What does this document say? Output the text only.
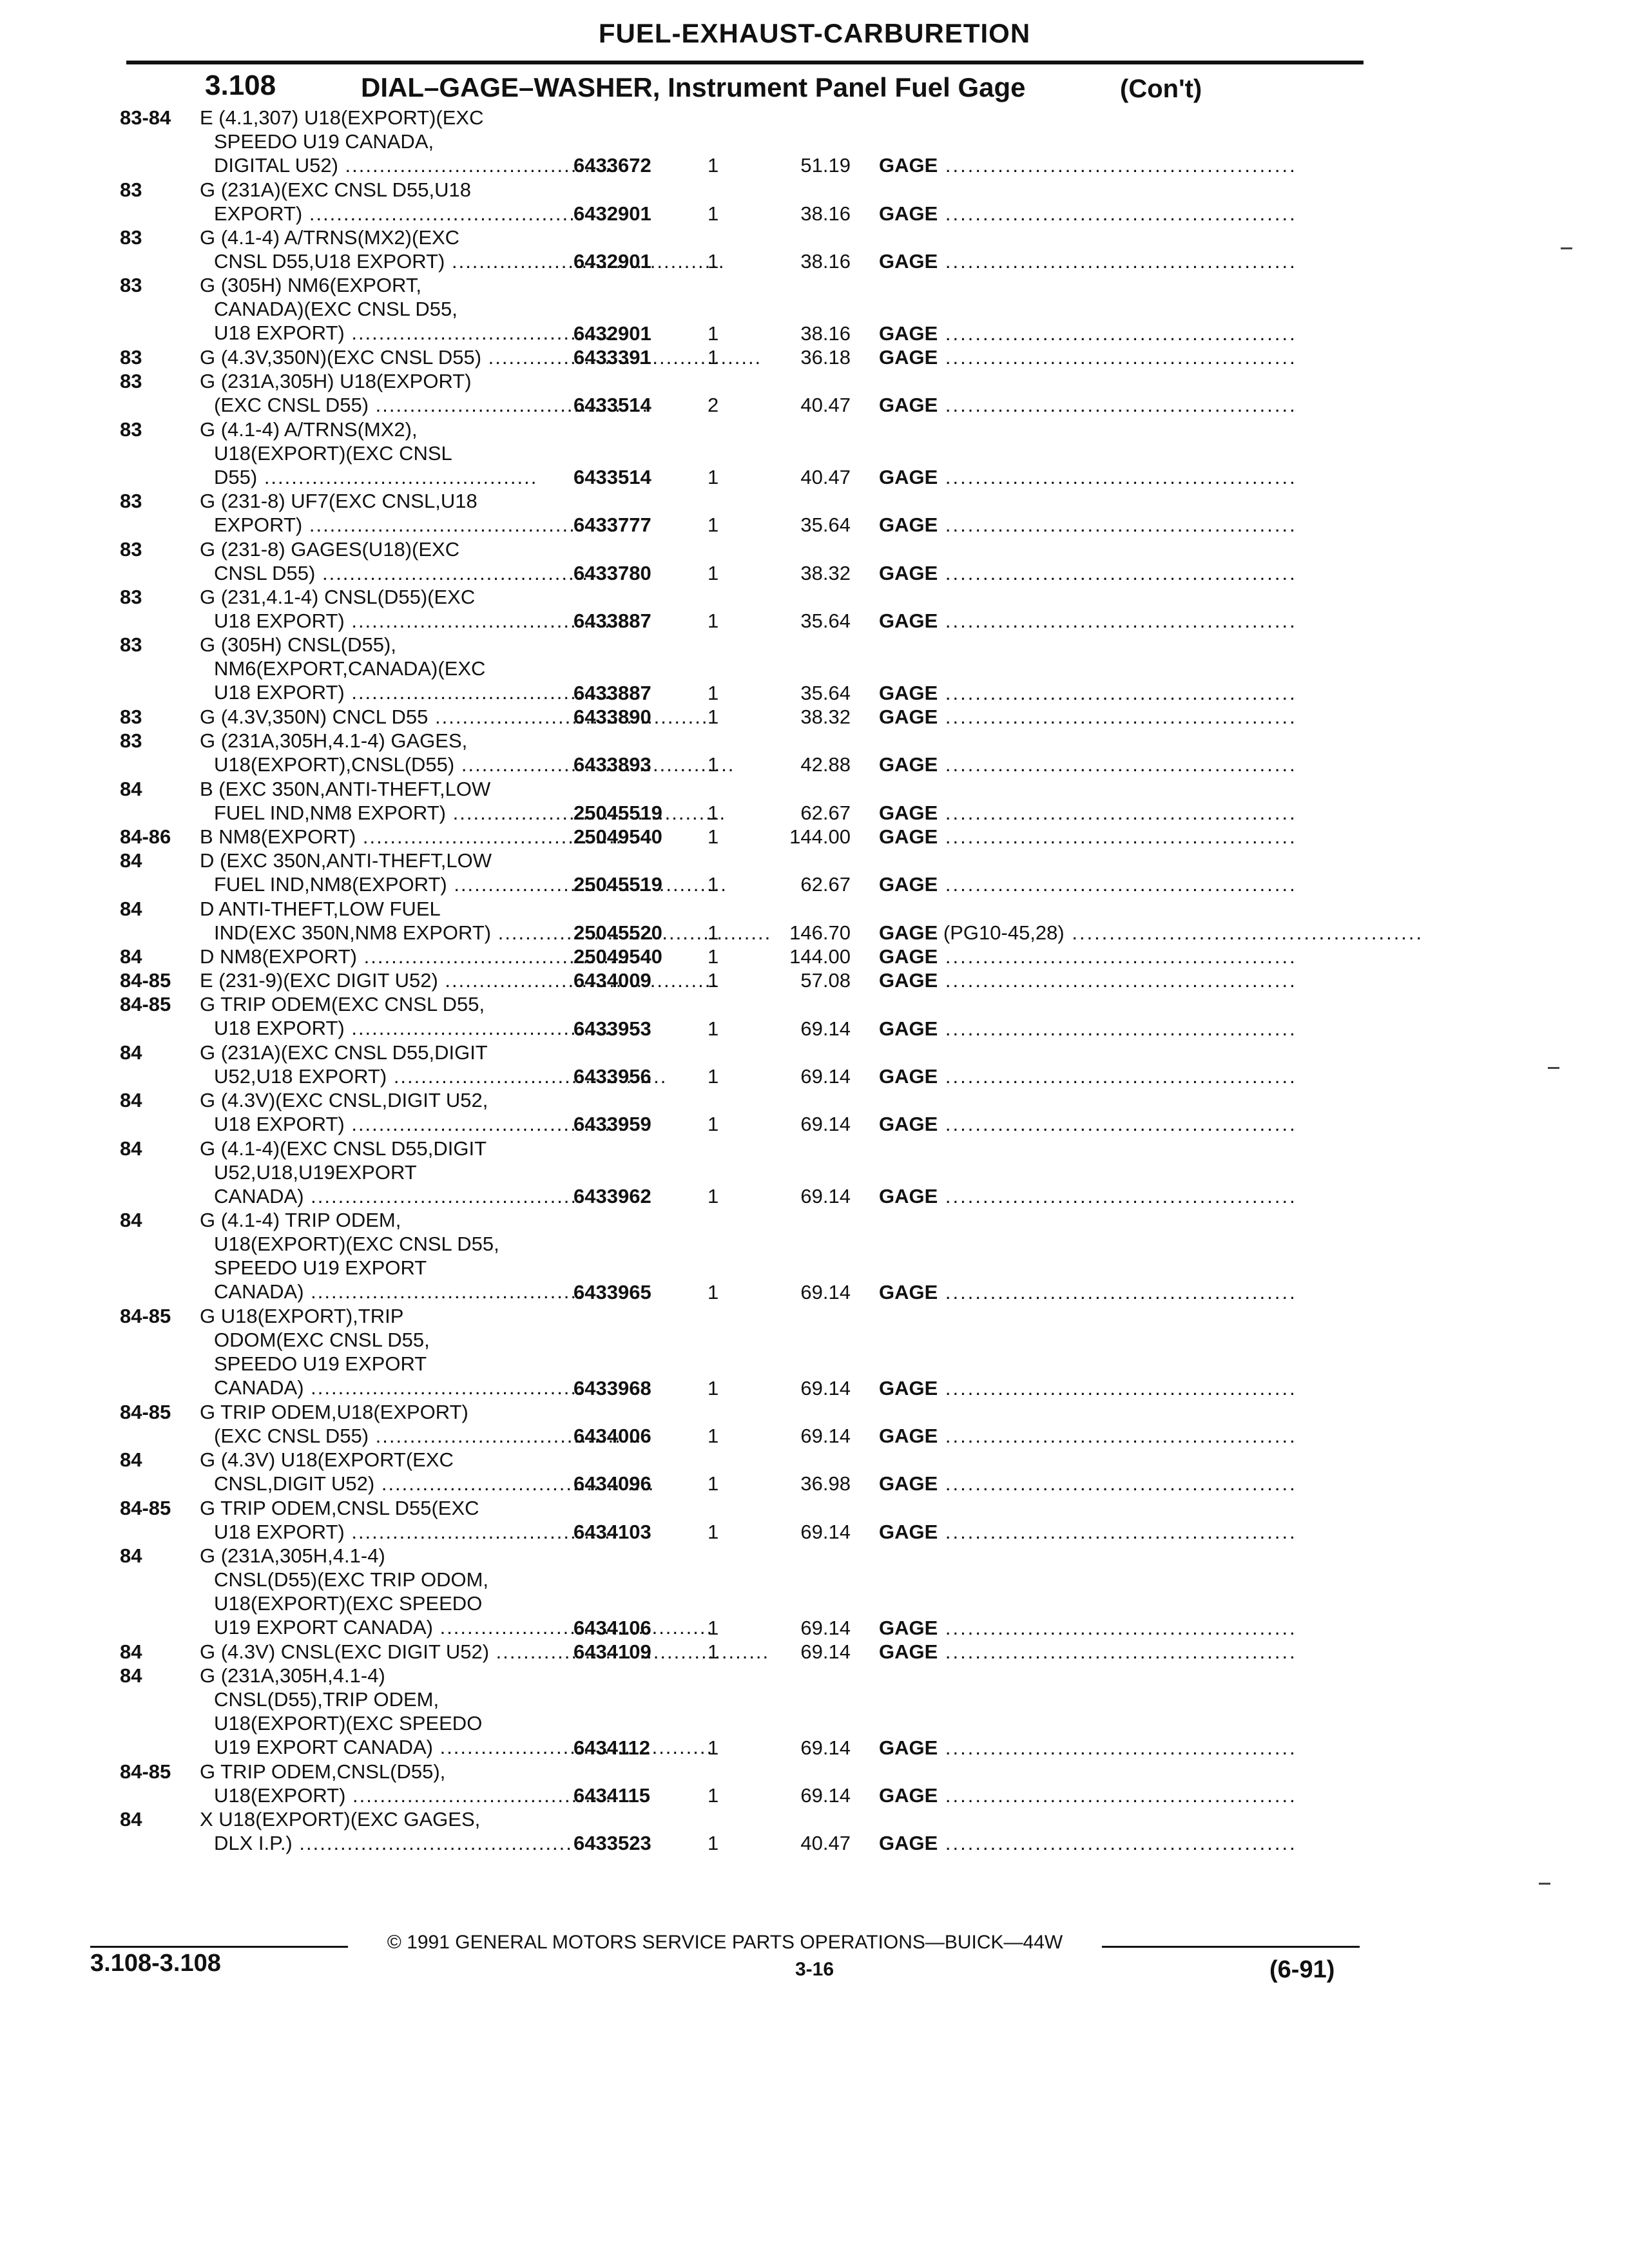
FUEL-EXHAUST-CARBURETION
3.108	DIAL–GAGE–WASHER, Instrument Panel Fuel Gage	(Con't)
83-84	E (4.1,307) U18(EXPORT)(EXC
SPEEDO U19 CANADA,
DIGITAL U52) .....	6433672	1	51.19 GAGE ...............................................
83	G (231A)(EXC CNSL D55,U18
EXPORT) .....	6432901	1	38.16 GAGE ...............................................
83	G (4.1-4) A/TRNS(MX2)(EXC
CNSL D55,U18 EXPORT) .....	6432901	1	38.16 GAGE ...............................................
83	G (305H) NM6(EXPORT,
CANADA)(EXC CNSL D55,
U18 EXPORT) .....	6432901	1	38.16 GAGE ...............................................
83	G (4.3V,350N)(EXC CNSL D55) .....	6433391	1	36.18 GAGE ...............................................
83	G (231A,305H) U18(EXPORT)
(EXC CNSL D55) .....	6433514	2	40.47 GAGE ...............................................
83	G (4.1-4) A/TRNS(MX2),
U18(EXPORT)(EXC CNSL
D55) .....	6433514	1	40.47 GAGE ...............................................
83	G (231-8) UF7(EXC CNSL,U18
EXPORT) .....	6433777	1	35.64 GAGE ...............................................
83	G (231-8) GAGES(U18)(EXC
CNSL D55) .....	6433780	1	38.32 GAGE ...............................................
83	G (231,4.1-4) CNSL(D55)(EXC
U18 EXPORT) .....	6433887	1	35.64 GAGE ...............................................
83	G (305H) CNSL(D55),
NM6(EXPORT,CANADA)(EXC
U18 EXPORT) .....	6433887	1	35.64 GAGE ...............................................
83	G (4.3V,350N) CNCL D55 .....	6433890	1	38.32 GAGE ...............................................
83	G (231A,305H,4.1-4) GAGES,
U18(EXPORT),CNSL(D55) .....	6433893	1	42.88 GAGE ...............................................
84	B (EXC 350N,ANTI-THEFT,LOW
FUEL IND,NM8 EXPORT) .....	25045519	1	62.67 GAGE ...............................................
84-86	B NM8(EXPORT) .....	25049540	1	144.00 GAGE ...............................................
84	D (EXC 350N,ANTI-THEFT,LOW
FUEL IND,NM8(EXPORT) .....	25045519	1	62.67 GAGE ...............................................
84	D ANTI-THEFT,LOW FUEL
IND(EXC 350N,NM8 EXPORT) .....	25045520	1	146.70 GAGE (PG10-45,28) ...............................................
84	D NM8(EXPORT) .....	25049540	1	144.00 GAGE ...............................................
84-85	E (231-9)(EXC DIGIT U52) .....	6434009	1	57.08 GAGE ...............................................
84-85	G TRIP ODEM(EXC CNSL D55,
U18 EXPORT) .....	6433953	1	69.14 GAGE ...............................................
84	G (231A)(EXC CNSL D55,DIGIT
U52,U18 EXPORT) .....	6433956	1	69.14 GAGE ...............................................
84	G (4.3V)(EXC CNSL,DIGIT U52,
U18 EXPORT) .....	6433959	1	69.14 GAGE ...............................................
84	G (4.1-4)(EXC CNSL D55,DIGIT
U52,U18,U19EXPORT
CANADA) .....	6433962	1	69.14 GAGE ...............................................
84	G (4.1-4) TRIP ODEM,
U18(EXPORT)(EXC CNSL D55,
SPEEDO U19 EXPORT
CANADA) .....	6433965	1	69.14 GAGE ...............................................
84-85	G U18(EXPORT),TRIP
ODOM(EXC CNSL D55,
SPEEDO U19 EXPORT
CANADA) .....	6433968	1	69.14 GAGE ...............................................
84-85	G TRIP ODEM,U18(EXPORT)
(EXC CNSL D55) .....	6434006	1	69.14 GAGE ...............................................
84	G (4.3V) U18(EXPORT(EXC
CNSL,DIGIT U52) .....	6434096	1	36.98 GAGE ...............................................
84-85	G TRIP ODEM,CNSL D55(EXC
U18 EXPORT) .....	6434103	1	69.14 GAGE ...............................................
84	G (231A,305H,4.1-4)
CNSL(D55)(EXC TRIP ODOM,
U18(EXPORT)(EXC SPEEDO
U19 EXPORT CANADA) .....	6434106	1	69.14 GAGE ...............................................
84	G (4.3V) CNSL(EXC DIGIT U52) .....	6434109	1	69.14 GAGE ...............................................
84	G (231A,305H,4.1-4)
CNSL(D55),TRIP ODEM,
U18(EXPORT)(EXC SPEEDO
U19 EXPORT CANADA) .....	6434112	1	69.14 GAGE ...............................................
84-85	G TRIP ODEM,CNSL(D55),
U18(EXPORT) .....	6434115	1	69.14 GAGE ...............................................
84	X U18(EXPORT)(EXC GAGES,
DLX I.P.) .....	6433523	1	40.47 GAGE ...............................................
© 1991 GENERAL MOTORS SERVICE PARTS OPERATIONS—BUICK—44W
3.108-3.108	3-16	(6-91)
